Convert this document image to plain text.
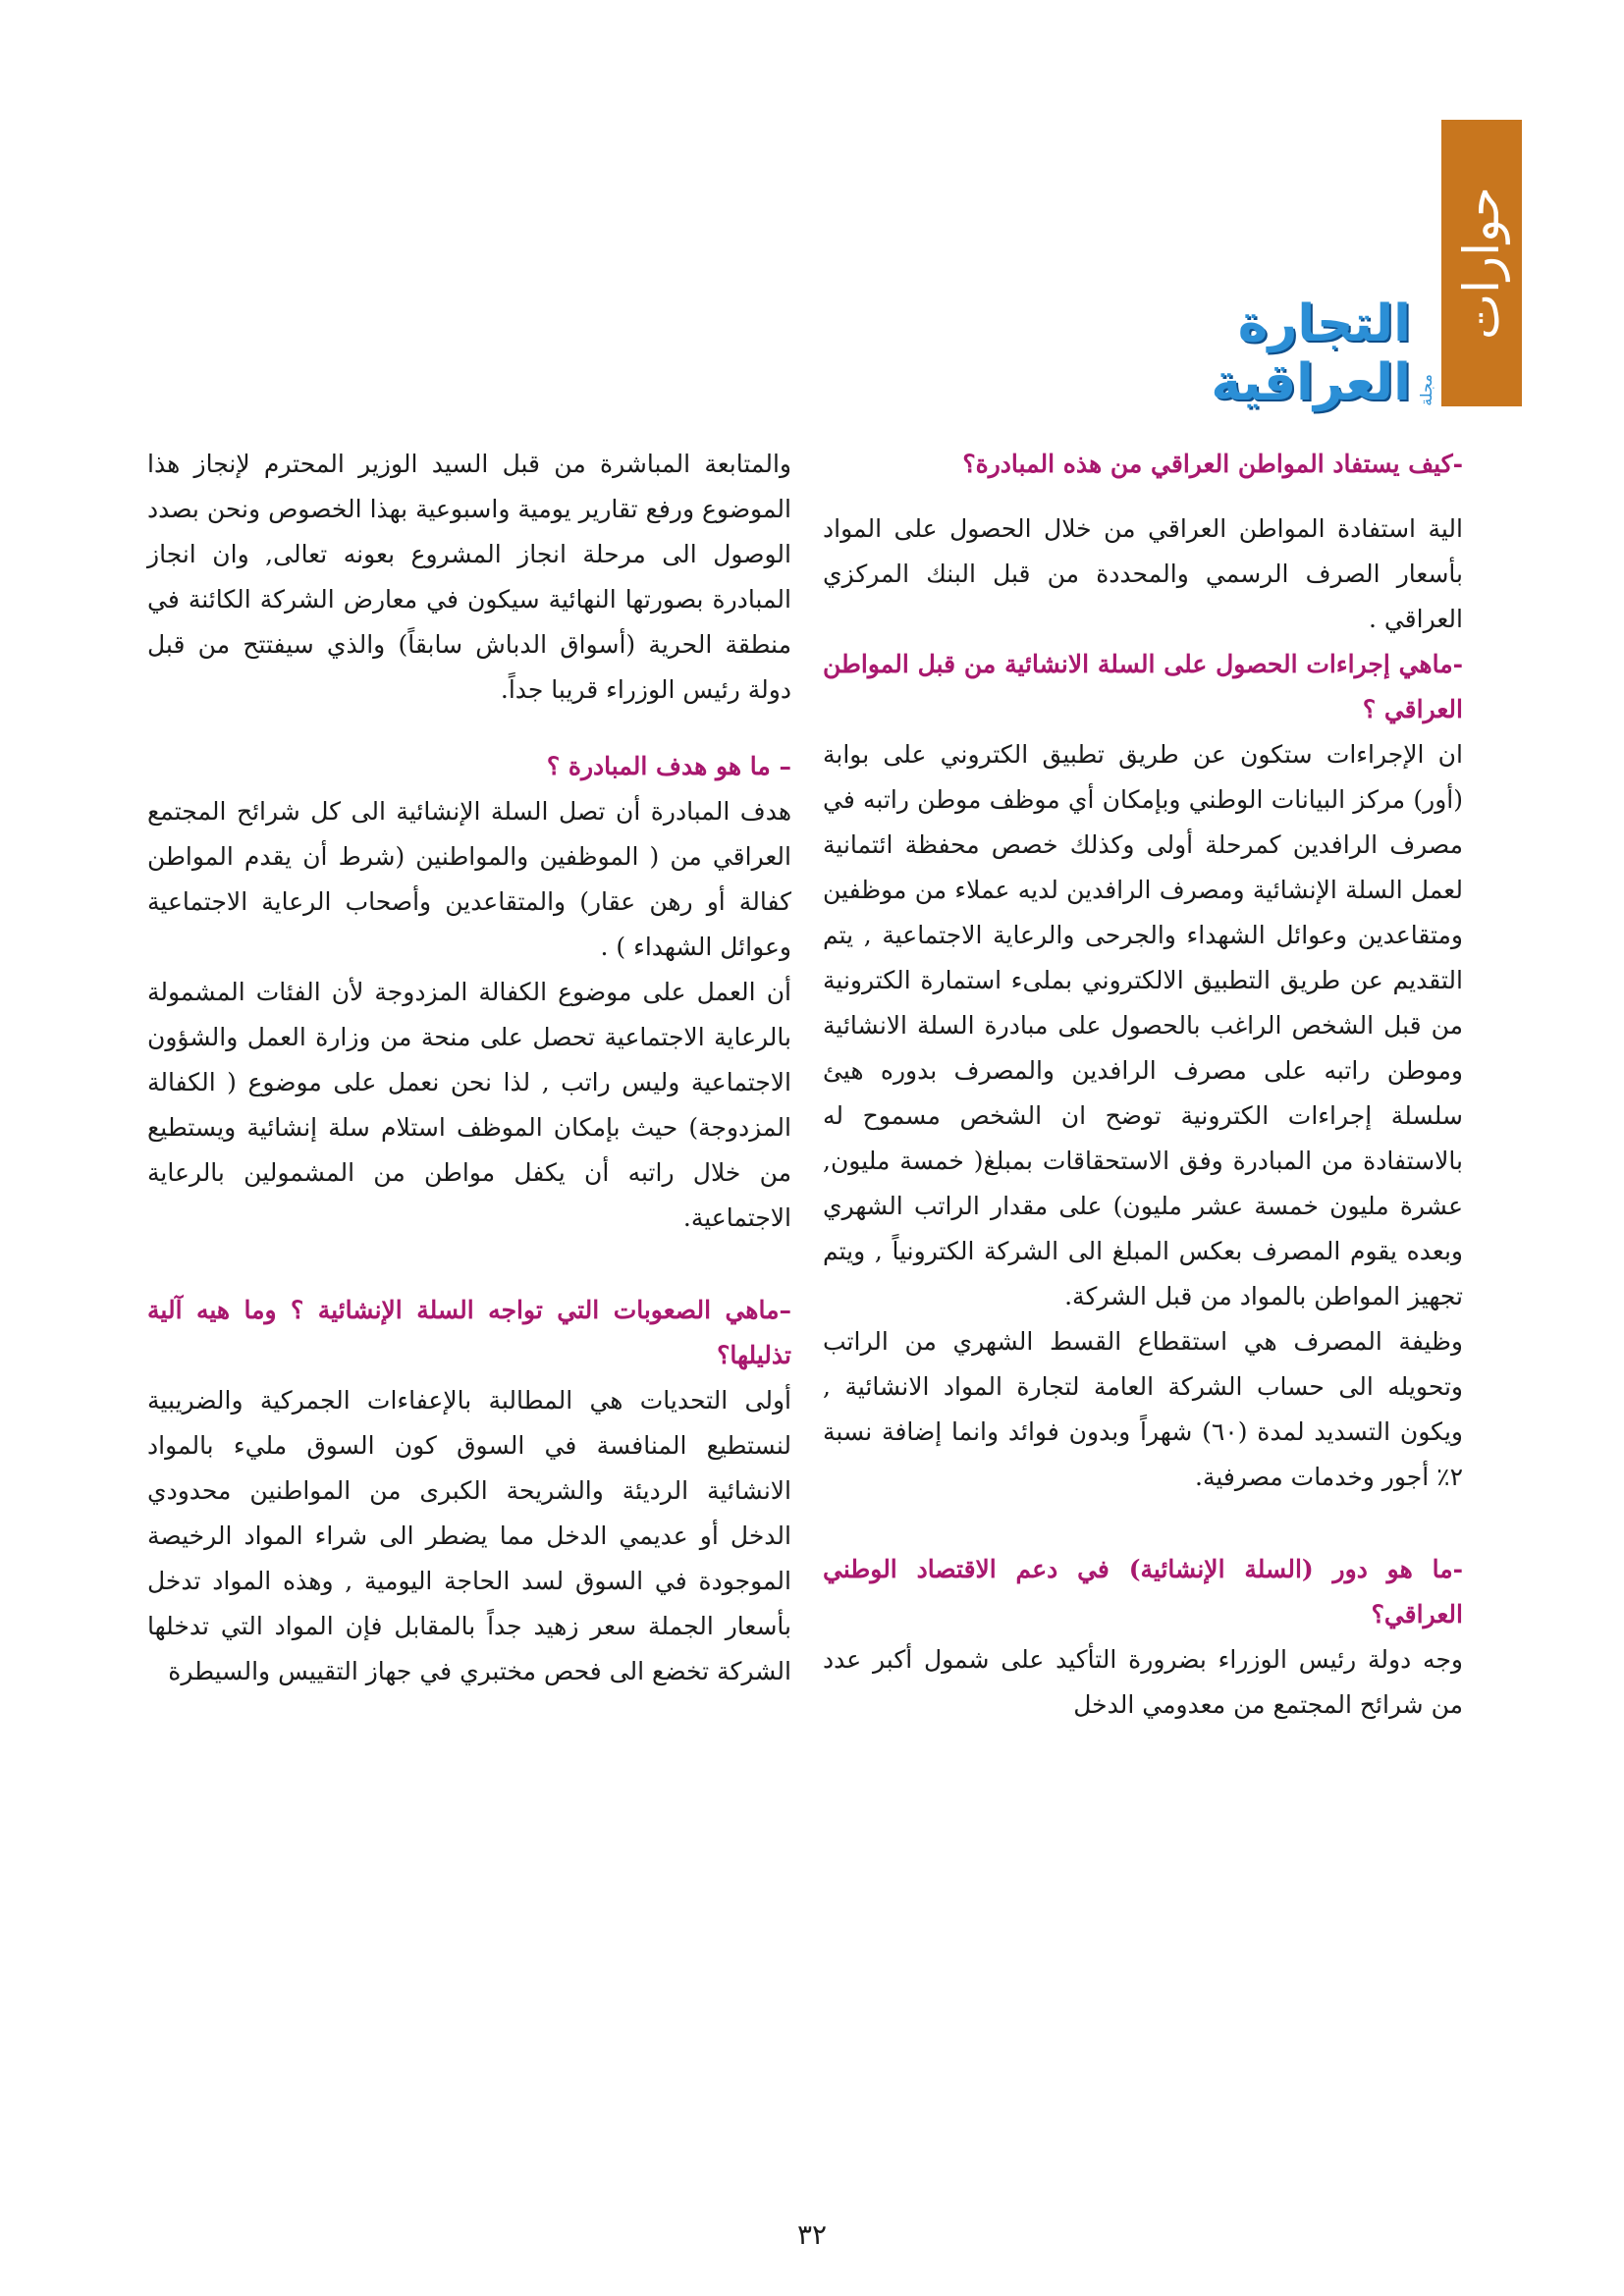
حوارات
مجلة
التجارة العراقية

-كيف يستفاد المواطن العراقي من هذه المبادرة؟

الية استفادة المواطن العراقي من خلال الحصول على المواد بأسعار الصرف الرسمي والمحددة من قبل البنك المركزي العراقي .

-ماهي إجراءات الحصول على السلة الانشائية من قبل المواطن العراقي ؟

ان الإجراءات ستكون عن طريق تطبيق الكتروني على بوابة (أور) مركز البيانات الوطني وبإمكان أي موظف موطن راتبه في مصرف الرافدين كمرحلة أولى وكذلك خصص محفظة ائتمانية لعمل السلة الإنشائية ومصرف الرافدين لديه عملاء من موظفين ومتقاعدين وعوائل الشهداء والجرحى والرعاية الاجتماعية , يتم التقديم عن طريق التطبيق الالكتروني بملىء استمارة الكترونية من قبل الشخص الراغب بالحصول على مبادرة السلة الانشائية وموطن راتبه على مصرف الرافدين والمصرف بدوره هيئ سلسلة إجراءات الكترونية توضح ان الشخص مسموح له بالاستفادة من المبادرة وفق الاستحقاقات بمبلغ( خمسة مليون, عشرة مليون خمسة عشر مليون) على مقدار الراتب الشهري وبعده يقوم المصرف بعكس المبلغ الى الشركة الكترونياً , ويتم تجهيز المواطن بالمواد من قبل الشركة.

وظيفة المصرف هي استقطاع القسط الشهري من الراتب وتحويله الى حساب الشركة العامة لتجارة المواد الانشائية , ويكون التسديد لمدة (٦٠) شهراً وبدون فوائد وانما إضافة نسبة ٢٪ أجور وخدمات مصرفية.

-ما هو دور (السلة الإنشائية) في دعم الاقتصاد الوطني العراقي؟

وجه دولة رئيس الوزراء بضرورة التأكيد على شمول أكبر عدد من شرائح المجتمع من معدومي الدخل

والمتابعة المباشرة من قبل السيد الوزير المحترم لإنجاز هذا الموضوع ورفع تقارير يومية واسبوعية بهذا الخصوص ونحن بصدد الوصول الى مرحلة انجاز المشروع بعونه تعالى, وان انجاز المبادرة بصورتها النهائية سيكون في معارض الشركة الكائنة في منطقة الحرية (أسواق الدباش سابقاً) والذي سيفتتح من قبل دولة رئيس الوزراء قريبا جداً.

– ما هو هدف المبادرة ؟

هدف المبادرة أن تصل السلة الإنشائية الى كل شرائح المجتمع العراقي من ( الموظفين والمواطنين (شرط أن يقدم المواطن كفالة أو رهن عقار) والمتقاعدين وأصحاب الرعاية الاجتماعية وعوائل الشهداء ) .

أن العمل على موضوع الكفالة المزدوجة لأن الفئات المشمولة بالرعاية الاجتماعية تحصل على منحة من وزارة العمل والشؤون الاجتماعية وليس راتب , لذا نحن نعمل على موضوع ( الكفالة المزدوجة) حيث بإمكان الموظف استلام سلة إنشائية ويستطيع من خلال راتبه أن يكفل مواطن من المشمولين بالرعاية الاجتماعية.

–ماهي الصعوبات التي تواجه السلة الإنشائية ؟ وما هيه آلية تذليلها؟

أولى التحديات هي المطالبة بالإعفاءات الجمركية والضريبية لنستطيع المنافسة في السوق كون السوق مليء بالمواد الانشائية الرديئة والشريحة الكبرى من المواطنين محدودي الدخل أو عديمي الدخل مما يضطر الى شراء المواد الرخيصة الموجودة في السوق لسد الحاجة اليومية , وهذه المواد تدخل بأسعار الجملة سعر زهيد جداً بالمقابل فإن المواد التي تدخلها الشركة تخضع الى فحص مختبري في جهاز التقييس والسيطرة

٣٢
